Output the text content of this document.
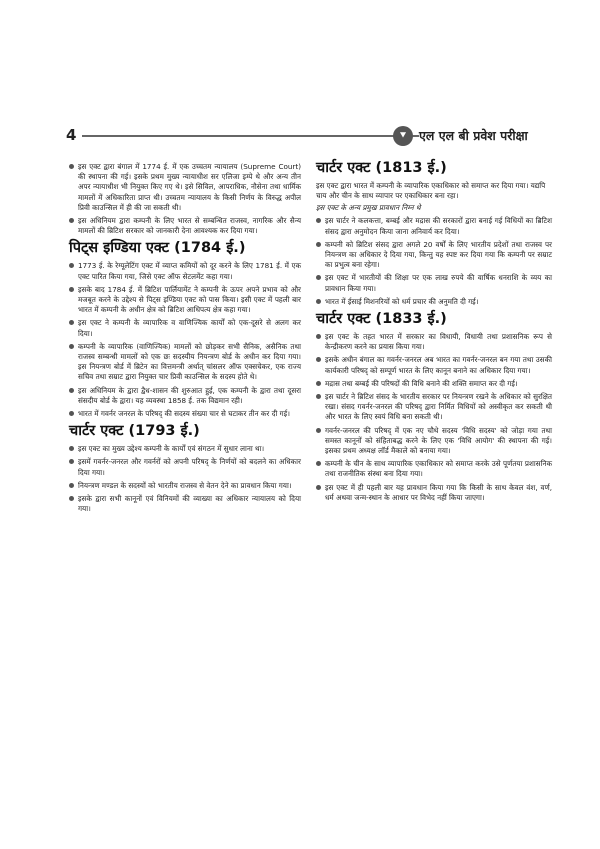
4	⯆ एल एल बी प्रवेश परीक्षा
इस एक्ट द्वारा बंगाल में 1774 ई. में एक उच्चतम न्यायालय (Supreme Court) की स्थापना की गई। इसके प्रथम मुख्य न्यायाधीश सर एलिजा इम्पे थे और अन्य तीन अपर न्यायाधीश भी नियुक्त किए गए थे। इसे सिविल, आपराधिक, नौसेना तथा धार्मिक मामलों में अधिकारिता प्राप्त थी। उच्चतम न्यायालय के किसी निर्णय के विरुद्ध अपील प्रिवी काउन्सिल में ही की जा सकती थी।
इस अधिनियम द्वारा कम्पनी के लिए भारत से सम्बन्धित राजस्व, नागरिक और सैन्य मामलों की ब्रिटिश सरकार को जानकारी देना आवश्यक कर दिया गया।
पिट्स इण्डिया एक्ट (1784 ई.)
1773 ई. के रेग्यूलेटिंग एक्ट में व्याप्त कमियों को दूर करने के लिए 1781 ई. में एक एक्ट पारित किया गया, जिसे एक्ट ऑफ सेटलमेंट कहा गया।
इसके बाद 1784 ई. में ब्रिटिश पार्लियामेंट ने कम्पनी के ऊपर अपने प्रभाव को और मजबूत करने के उद्देश्य से पिट्स इण्डिया एक्ट को पास किया। इसी एक्ट में पहली बार भारत में कम्पनी के अधीन क्षेत्र को ब्रिटिश आधिपत्य क्षेत्र कहा गया।
इस एक्ट ने कम्पनी के व्यापारिक व वाणिज्यिक कार्यों को एक-दूसरे से अलग कर दिया।
कम्पनी के व्यापारिक (वाणिज्यिक) मामलों को छोड़कर सभी सैनिक, असैनिक तथा राजस्व सम्बन्धी मामलों को एक छः सदस्यीय नियन्त्रण बोर्ड के अधीन कर दिया गया। इस नियन्त्रण बोर्ड में ब्रिटेन का वित्तमन्त्री अर्थात् चांसलर ऑफ एक्सचेकर, एक राज्य सचिव तथा सम्राट द्वारा नियुक्त चार प्रिवी काउन्सिल के सदस्य होते थे।
इस अधिनियम के द्वारा द्वैध-शासन की शुरुआत हुई, एक कम्पनी के द्वारा तथा दूसरा संसदीय बोर्ड के द्वारा। यह व्यवस्था 1858 ई. तक विद्यमान रही।
भारत में गवर्नर जनरल के परिषद् की सदस्य संख्या चार से घटाकर तीन कर दी गई।
चार्टर एक्ट (1793 ई.)
इस एक्ट का मुख्य उद्देश्य कम्पनी के कार्यों एवं संगठन में सुधार लाना था।
इसमें गवर्नर-जनरल और गवर्नरों को अपनी परिषद् के निर्णयों को बदलने का अधिकार दिया गया।
नियन्त्रण मण्डल के सदस्यों को भारतीय राजस्व से वेतन देने का प्रावधान किया गया।
इसके द्वारा सभी कानूनों एवं विनियमों की व्याख्या का अधिकार न्यायालय को दिया गया।
चार्टर एक्ट (1813 ई.)

इस एक्ट द्वारा भारत में कम्पनी के व्यापारिक एकाधिकार को समाप्त कर दिया गया। यद्यपि चाय और चीन के साथ व्यापार पर एकाधिकार बना रहा।

इस एक्ट के अन्य प्रमुख प्रावधान निम्न थे

इस चार्टर ने कलकत्ता, बम्बई और मद्रास की सरकारों द्वारा बनाई गई विधियों का ब्रिटिश संसद द्वारा अनुमोदन किया जाना अनिवार्य कर दिया।
कम्पनी को ब्रिटिश संसद द्वारा अगले 20 वर्षों के लिए भारतीय प्रदेशों तथा राजस्व पर नियन्त्रण का अधिकार दे दिया गया, किन्तु यह स्पष्ट कर दिया गया कि कम्पनी पर सम्राट का प्रभुत्व बना रहेगा।
इस एक्ट में भारतीयों की शिक्षा पर एक लाख रुपये की वार्षिक धनराशि के व्यय का प्रावधान किया गया।
भारत में ईसाई मिशनरियों को धर्म प्रचार की अनुमति दी गई।
चार्टर एक्ट (1833 ई.)
इस एक्ट के तहत भारत में सरकार का विधायी, विधायी तथा प्रशासनिक रूप से केन्द्रीकरण करने का प्रयास किया गया।
इसके अधीन बंगाल का गवर्नर-जनरल अब भारत का गवर्नर-जनरल बन गया तथा उसकी कार्यकारी परिषद् को सम्पूर्ण भारत के लिए कानून बनाने का अधिकार दिया गया।
मद्रास तथा बम्बई की परिषदों की विधि बनाने की शक्ति समाप्त कर दी गई।
इस चार्टर ने ब्रिटिश संसद के भारतीय सरकार पर नियन्त्रण रखने के अधिकार को सुरक्षित रखा। संसद गवर्नर-जनरल की परिषद् द्वारा निर्मित विधियों को अस्वीकृत कर सकती थी और भारत के लिए स्वयं विधि बना सकती थी।
गवर्नर-जनरल की परिषद् में एक नए चौथे सदस्य 'विधि सदस्य' को जोड़ा गया तथा समस्त कानूनों को संहिताबद्ध करने के लिए एक 'विधि आयोग' की स्थापना की गई। इसका प्रथम अध्यक्ष लॉर्ड मैकाले को बनाया गया।
कम्पनी के चीन के साथ व्यापारिक एकाधिकार को समाप्त करके उसे पूर्णतया प्रशासनिक तथा राजनीतिक संस्था बना दिया गया।
इस एक्ट में ही पहली बार यह प्रावधान किया गया कि किसी के साथ केवल वंश, वर्ण, धर्म अथवा जन्म-स्थान के आधार पर विभेद नहीं किया जाएगा।
